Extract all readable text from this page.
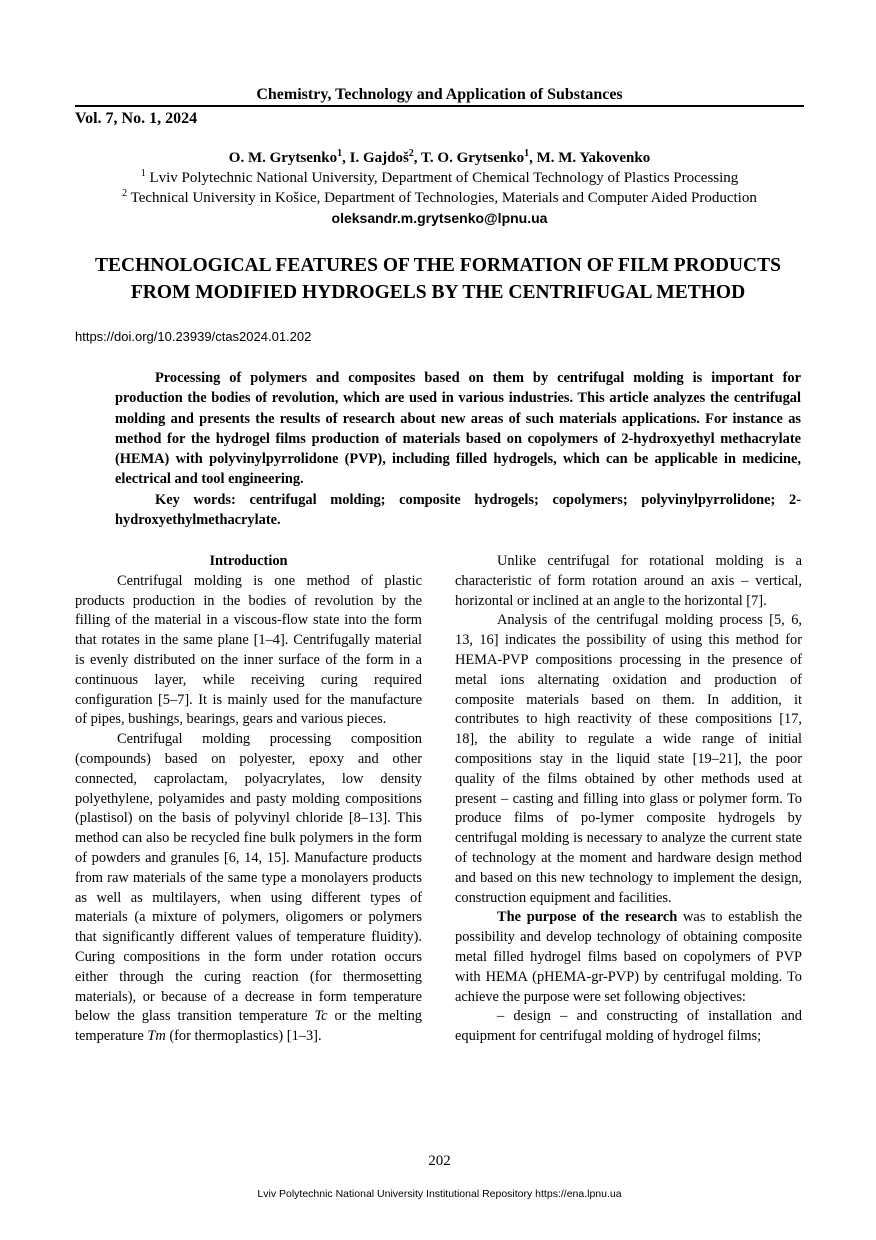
Chemistry, Technology and Application of Substances
Vol. 7, No. 1, 2024
O. M. Grytsenko$^1$, I. Gajdoš$^2$, T. O. Grytsenko$^1$, M. M. Yakovenko
$^1$ Lviv Polytechnic National University, Department of Chemical Technology of Plastics Processing
$^2$ Technical University in Košice, Department of Technologies, Materials and Computer Aided Production
oleksandr.m.grytsenko@lpnu.ua
TECHNOLOGICAL FEATURES OF THE FORMATION OF FILM PRODUCTS
FROM MODIFIED HYDROGELS BY THE CENTRIFUGAL METHOD
https://doi.org/10.23939/ctas2024.01.202

Processing of polymers and composites based on them by centrifugal molding is important for production the bodies of revolution, which are used in various industries. This article analyzes the centrifugal molding and presents the results of research about new areas of such materials applications. For instance as method for the hydrogel films production of materials based on copolymers of 2-hydroxyethyl methacrylate (HEMA) with polyvinylpyrrolidone (PVP), including filled hydrogels, which can be applicable in medicine, electrical and tool engineering.

Key words: centrifugal molding; composite hydrogels; copolymers; polyvinylpyrrolidone; 2-hydroxyethylmethacrylate.

Introduction

Centrifugal molding is one method of plastic products production in the bodies of revolution by the filling of the material in a viscous-flow state into the form that rotates in the same plane [1–4]. Centrifugally material is evenly distributed on the inner surface of the form in a continuous layer, while receiving curing required configuration [5–7]. It is mainly used for the manufacture of pipes, bushings, bearings, gears and various pieces.

Centrifugal molding processing composition (compounds) based on polyester, epoxy and other connected, caprolactam, polyacrylates, low density polyethylene, polyamides and pasty molding compositions (plastisol) on the basis of polyvinyl chloride [8–13]. This method can also be recycled fine bulk polymers in the form of powders and granules [6, 14, 15]. Manufacture products from raw materials of the same type a monolayers products as well as multilayers, when using different types of materials (a mixture of polymers, oligomers or polymers that significantly different values of temperature fluidity). Curing compositions in the form under rotation occurs either through the curing reaction (for thermosetting materials), or because of a decrease in form temperature below the glass transition temperature Tc or the melting temperature Tm (for thermoplastics) [1–3].

Unlike centrifugal for rotational molding is a characteristic of form rotation around an axis – vertical, horizontal or inclined at an angle to the horizontal [7].

Analysis of the centrifugal molding process [5, 6, 13, 16] indicates the possibility of using this method for HEMA-PVP compositions processing in the presence of metal ions alternating oxidation and production of composite materials based on them. In addition, it contributes to high reactivity of these compositions [17, 18], the ability to regulate a wide range of initial compositions stay in the liquid state [19–21], the poor quality of the films obtained by other methods used at present – casting and filling into glass or polymer form. To produce films of po-lymer composite hydrogels by centrifugal molding is necessary to analyze the current state of technology at the moment and hardware design method and based on this new technology to implement the design, construction equipment and facilities.

The purpose of the research was to establish the possibility and develop technology of obtaining composite metal filled hydrogel films based on copolymers of PVP with HEMA (pHEMA-gr-PVP) by centrifugal molding. To achieve the purpose were set following objectives:

– design – and constructing of installation and equipment for centrifugal molding of hydrogel films;

202
Lviv Polytechnic National University Institutional Repository https://ena.lpnu.ua
